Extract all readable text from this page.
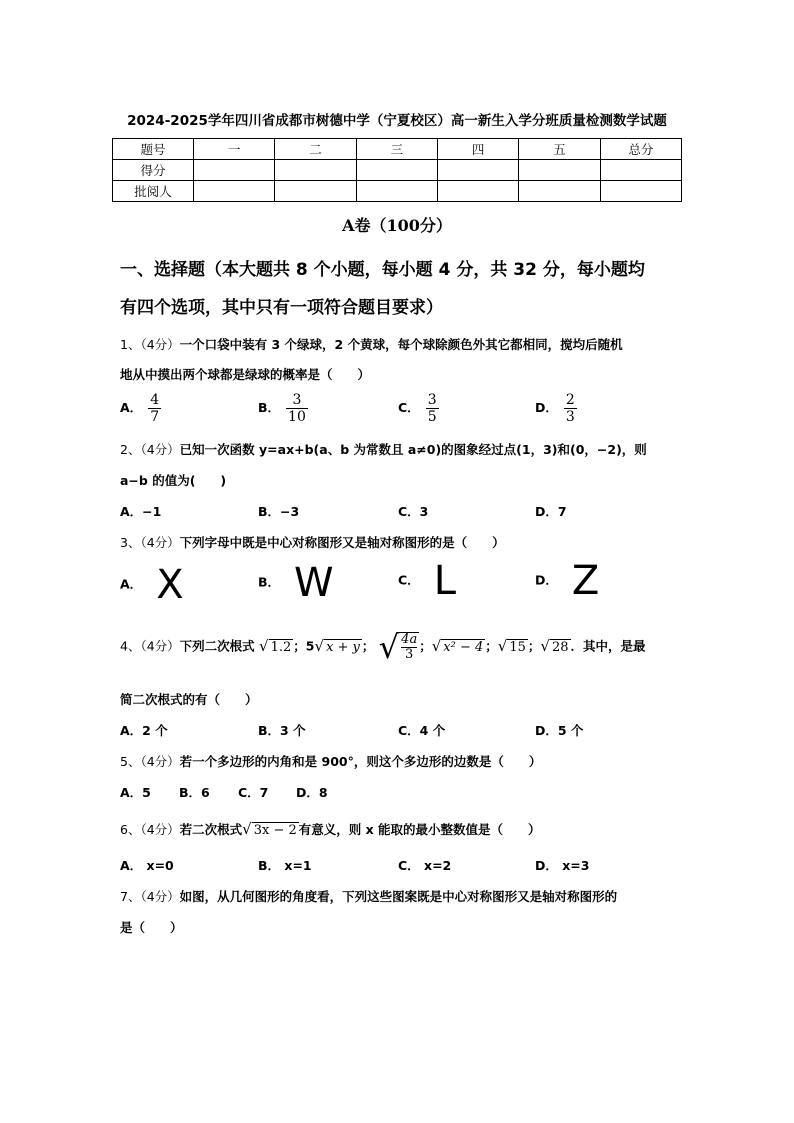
2024-2025学年四川省成都市树德中学（宁夏校区）高一新生入学分班质量检测数学试题
题号	一	二	三	四	五	总分
得分						
批阅人						
A卷（100分）
一、选择题（本大题共 8 个小题，每小题 4 分，共 32 分，每小题均
有四个选项，其中只有一项符合题目要求）
1、（4分）一个口袋中装有 3 个绿球，2 个黄球，每个球除颜色外其它都相同，搅均后随机
地从中摸出两个球都是绿球的概率是（　　）
A． $\frac{4}{7}$	B． $\frac{3}{10}$	C． $\frac{3}{5}$	D． $\frac{2}{3}$
2、（4分）已知一次函数 y=ax+b(a、b 为常数且 a≠0)的图象经过点(1，3)和(0，−2)，则
a−b 的值为(　　)
A．−1	B．−3	C．3	D．7
3、（4分）下列字母中既是中心对称图形又是轴对称图形的是（　　）
A． X	B． W	C． L	D． Z
4、（4分）下列二次根式 √ 1.2 ；5√ x + y ； √ $\frac{4a}{3}$ ；√ x² − 4 ；√ 15 ；√ 28 ．其中，是最
简二次根式的有（　　）
A．2 个	B．3 个	C．4 个	D．5 个
5、（4分）若一个多边形的内角和是 900°，则这个多边形的边数是（　　）
A．5 B．6 C．7 D．8
6、（4分）若二次根式√ 3x − 2 有意义，则 x 能取的最小整数值是（　　）
A． x=0	B． x=1	C． x=2	D． x=3
7、（4分）如图，从几何图形的角度看，下列这些图案既是中心对称图形又是轴对称图形的
是（　　）
